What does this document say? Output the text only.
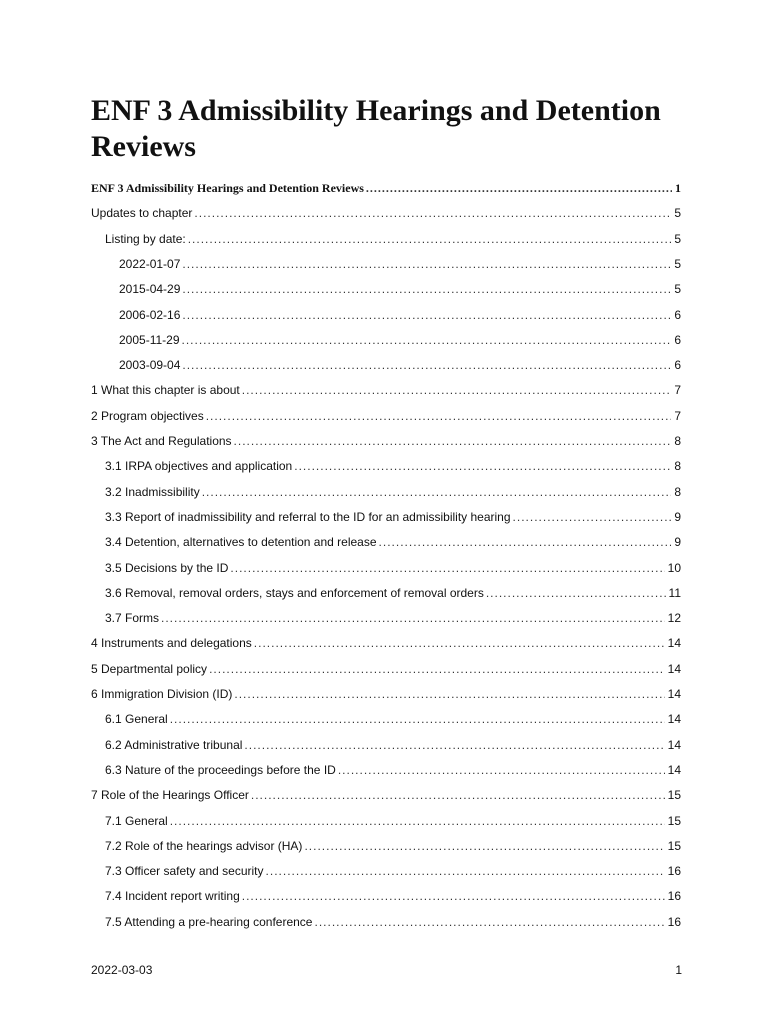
ENF 3 Admissibility Hearings and Detention Reviews
ENF 3 Admissibility Hearings and Detention Reviews .....	1
Updates to chapter .....	5
Listing by date: .....	5
2022-01-07 .....	5
2015-04-29 .....	5
2006-02-16 .....	6
2005-11-29 .....	6
2003-09-04 .....	6
1 What this chapter is about .....	7
2 Program objectives .....	7
3 The Act and Regulations .....	8
3.1 IRPA objectives and application .....	8
3.2 Inadmissibility .....	8
3.3 Report of inadmissibility and referral to the ID for an admissibility hearing .....	9
3.4 Detention, alternatives to detention and release .....	9
3.5 Decisions by the ID .....	10
3.6 Removal, removal orders, stays and enforcement of removal orders .....	11
3.7 Forms .....	12
4 Instruments and delegations .....	14
5 Departmental policy .....	14
6 Immigration Division (ID) .....	14
6.1 General .....	14
6.2 Administrative tribunal .....	14
6.3 Nature of the proceedings before the ID .....	14
7 Role of the Hearings Officer .....	15
7.1 General .....	15
7.2 Role of the hearings advisor (HA) .....	15
7.3 Officer safety and security .....	16
7.4 Incident report writing .....	16
7.5 Attending a pre-hearing conference .....	16
2022-03-03	1
